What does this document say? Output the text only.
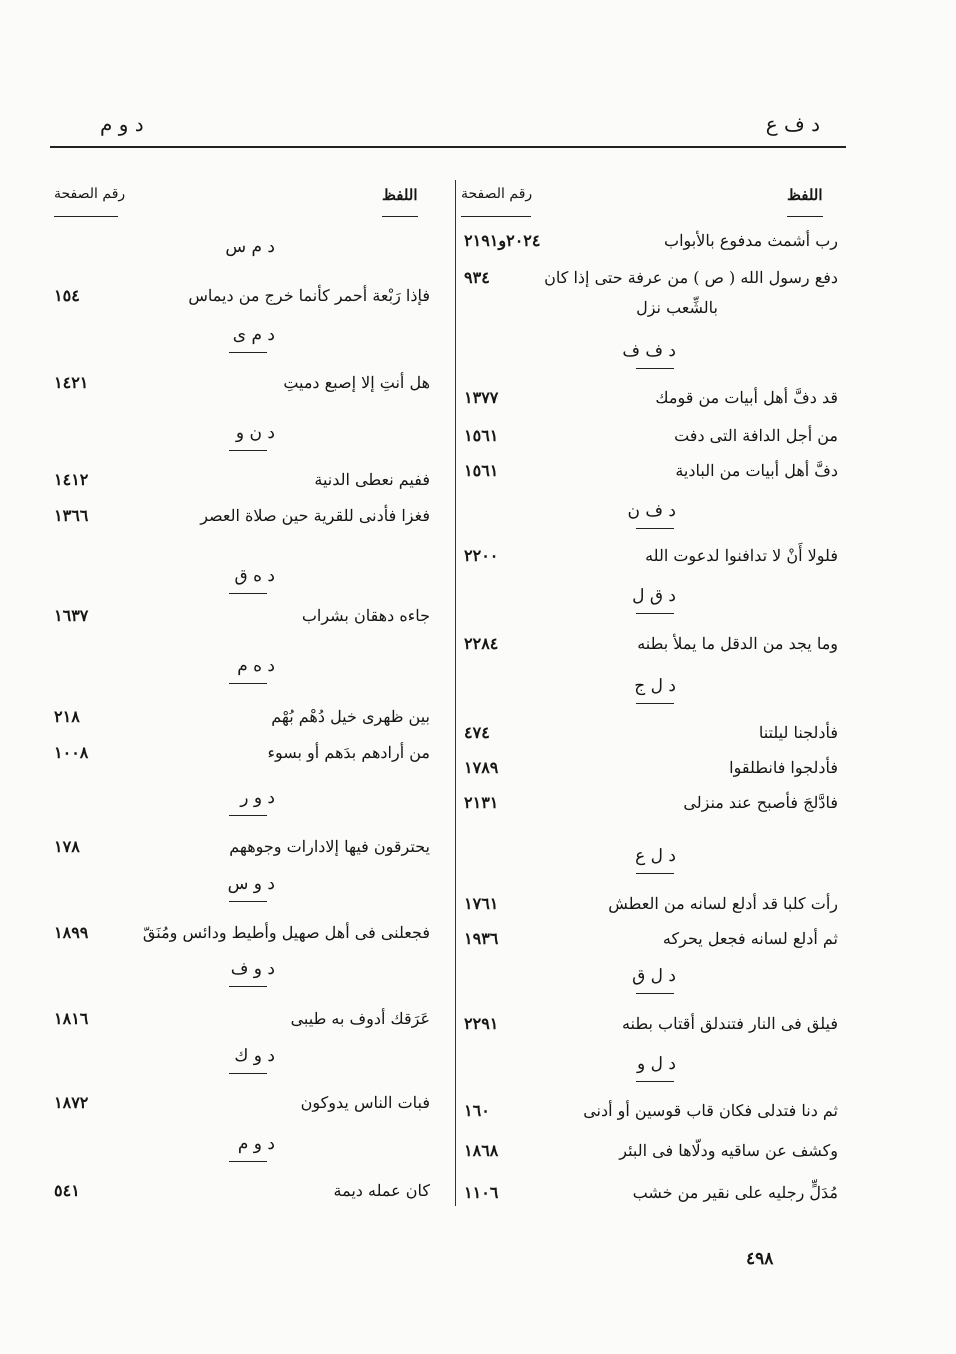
د ف ع
د و م
اللفظ
رقم الصفحة
اللفظ
رقم الصفحة
رب أشمث مدفوع بالأبواب
٢٠٢٤و٢١٩١
دفع رسول الله ( ص ) من عرفة حتى إذا كان
بالشِّعب نزل
٩٣٤
د ف ف
قد دفَّ أهل أبيات من قومك
١٣٧٧
من أجل الدافة التى دفت
١٥٦١
دفَّ أهل أبيات من البادية
١٥٦١
د ف ن
فلولا أَنْ لا تدافنوا لدعوت الله
٢٢٠٠
د ق ل
وما يجد من الدقل ما يملأ بطنه
٢٢٨٤
د ل ج
فأدلجنا ليلتنا
٤٧٤
فأدلجوا فانطلقوا
١٧٨٩
فادَّلجَ فأصبح عند منزلى
٢١٣١
د ل ع
رأت كلبا قد أدلع لسانه من العطش
١٧٦١
ثم أدلع لسانه فجعل يحركه
١٩٣٦
د ل ق
فيلق فى النار فتندلق أقتاب بطنه
٢٢٩١
د ل و
ثم دنا فتدلى فكان قاب قوسين أو أدنى
١٦٠
وكشف عن ساقيه ودلّاها فى البئر
١٨٦٨
مُدَلٍّ رجليه على نقير من خشب
١١٠٦
د م س
فإذا رَبْعة أحمر كأنما خرج من ديماس
١٥٤
د م ى
هل أنتِ إلا إصبع دميتِ
١٤٢١
د ن و
ففيم نعطى الدنية
١٤١٢
فغزا فأدنى للقرية حين صلاة العصر
١٣٦٦
د ه ق
جاءه دهقان بشراب
١٦٣٧
د ه م
بين ظهرى خيل دُهْم بُهْم
٢١٨
من أرادهم بدَهم أو بسوء
١٠٠٨
د و ر
يحترقون فيها إلادارات وجوههم
١٧٨
د و س
فجعلنى فى أهل صهيل وأطيط ودائس ومُنَقّ
١٨٩٩
د و ف
عَرَقك أدوف به طيبى
١٨١٦
د و ك
فبات الناس يدوكون
١٨٧٢
د و م
كان عمله ديمة
٥٤١
٤٩٨
